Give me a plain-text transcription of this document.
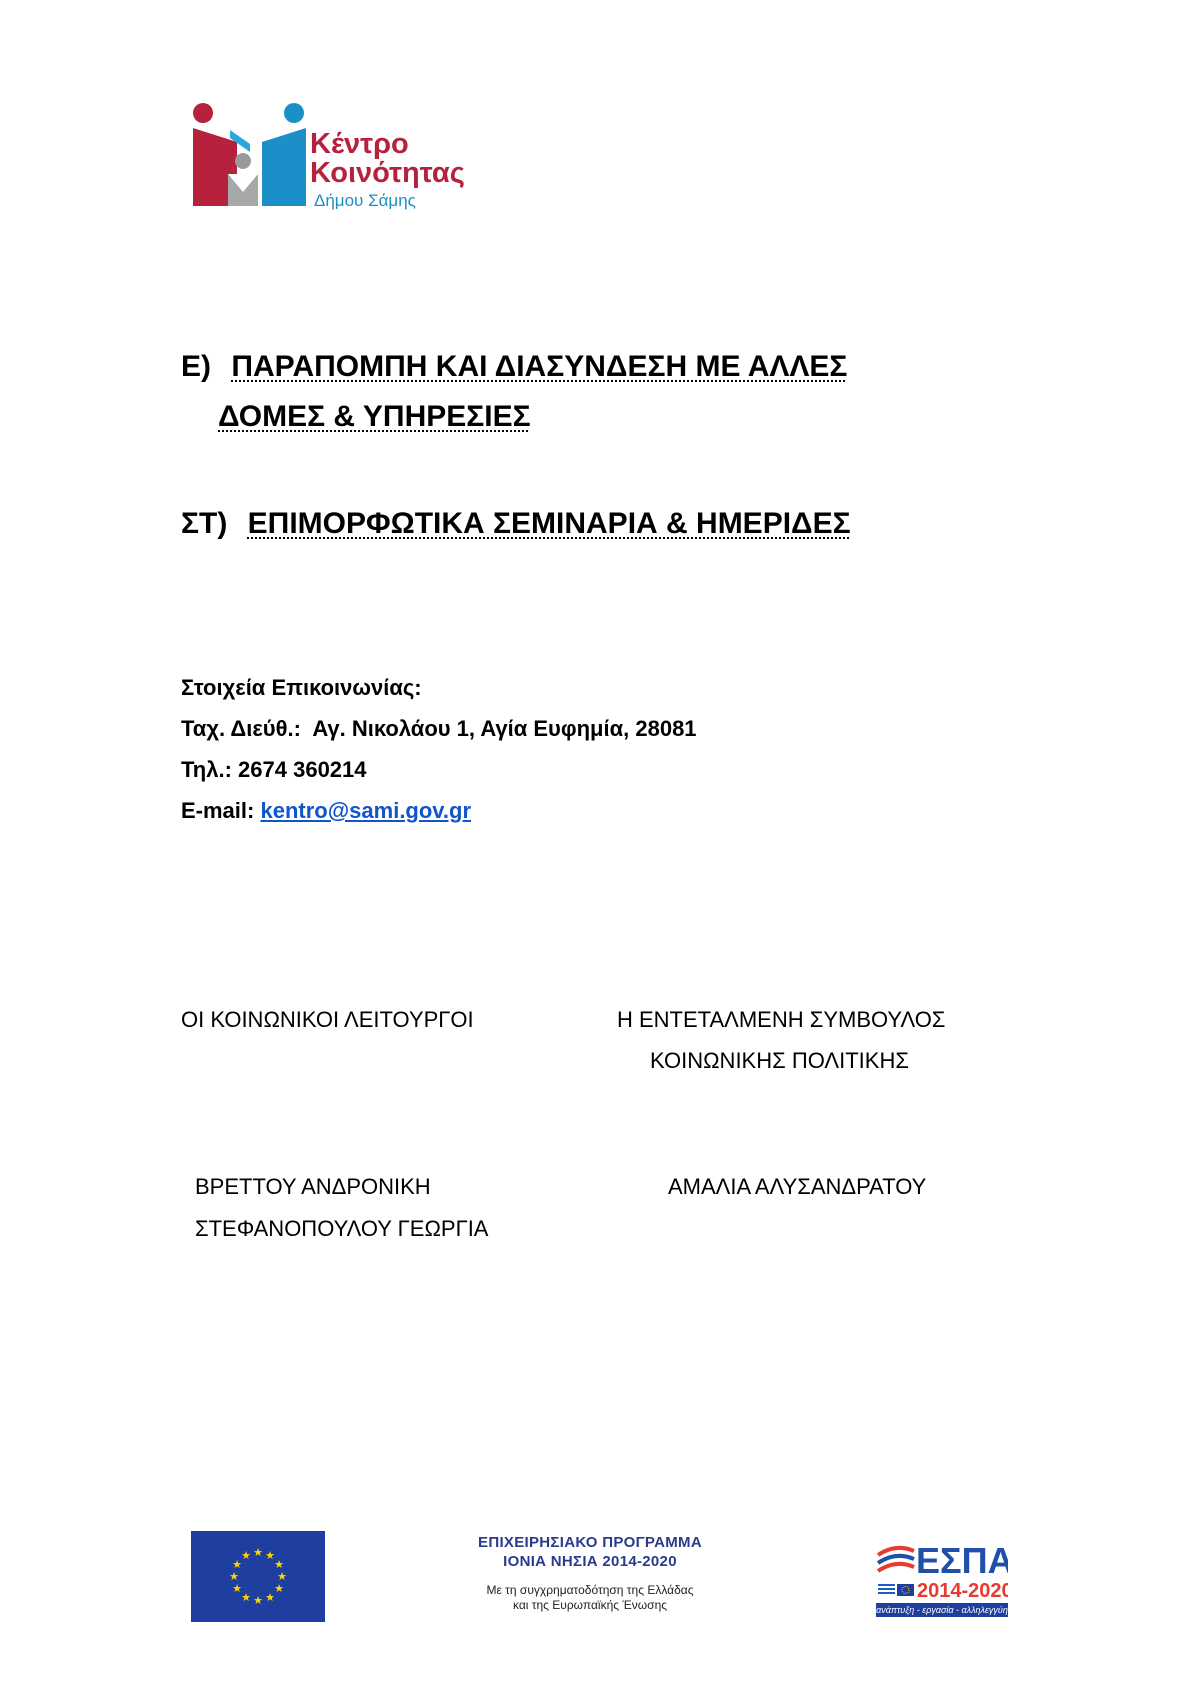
Κέντρο
Κοινότητας
Δήμου Σάμης
Ε) ΠΑΡΑΠΟΜΠΗ ΚΑΙ ΔΙΑΣΥΝΔΕΣΗ ΜΕ ΑΛΛΕΣ
ΔΟΜΕΣ & ΥΠΗΡΕΣΙΕΣ
ΣΤ) ΕΠΙΜΟΡΦΩΤΙΚΑ ΣΕΜΙΝΑΡΙΑ & ΗΜΕΡΙΔΕΣ
Στοιχεία Επικοινωνίας:
Ταχ. Διεύθ.: Αγ. Νικολάου 1, Αγία Ευφημία, 28081
Τηλ.: 2674 360214
E-mail: kentro@sami.gov.gr
ΟΙ ΚΟΙΝΩΝΙΚΟΙ ΛΕΙΤΟΥΡΓΟΙ	Η ΕΝΤΕΤΑΛΜΕΝΗ ΣΥΜΒΟΥΛΟΣ
ΚΟΙΝΩΝΙΚΗΣ ΠΟΛΙΤΙΚΗΣ
ΒΡΕΤΤΟΥ ΑΝΔΡΟΝΙΚΗ
ΣΤΕΦΑΝΟΠΟΥΛΟΥ ΓΕΩΡΓΙΑ
ΑΜΑΛΙΑ ΑΛΥΣΑΝΔΡΑΤΟΥ
★ ★
★
★
★
★
★
★
★
★
★
★
ΕΠΙΧΕΙΡΗΣΙΑΚΟ ΠΡΟΓΡΑΜΜΑ
ΙΟΝΙΑ ΝΗΣΙΑ 2014-2020
Με τη συγχρηματοδότηση της Ελλάδας
και της Ευρωπαϊκής Ένωσης
ΕΣΠΑ
2014-2020
ανάπτυξη - εργασία - αλληλεγγύη
